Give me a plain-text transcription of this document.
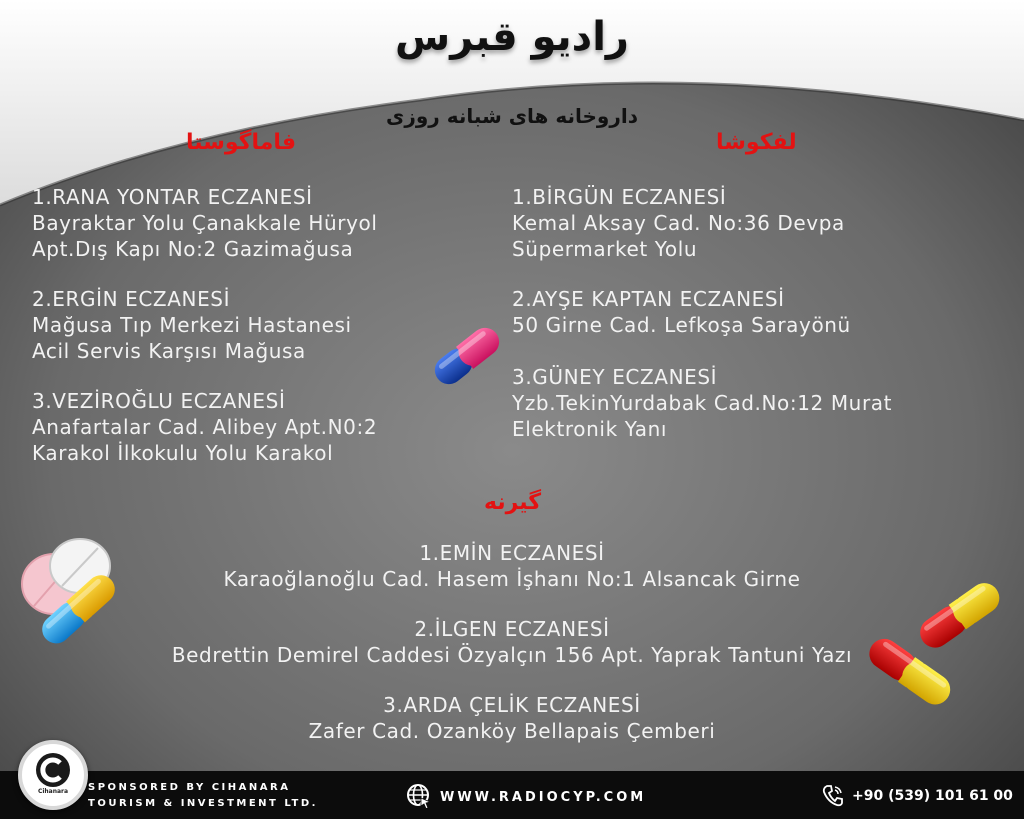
رادیو قبرس
داروخانه های شبانه روزی
فاماگوستا	لفکوشا
گیرنه
1.RANA YONTAR ECZANESİ
Bayraktar Yolu Çanakkale Hüryol
Apt.Dış Kapı No:2 Gazimağusa
2.ERGİN ECZANESİ
Mağusa Tıp Merkezi Hastanesi
Acil Servis Karşısı Mağusa
3.VEZİROĞLU ECZANESİ
Anafartalar Cad. Alibey Apt.N0:2
Karakol İlkokulu Yolu Karakol
1.BİRGÜN ECZANESİ
Kemal Aksay Cad. No:36 Devpa
Süpermarket Yolu
2.AYŞE KAPTAN ECZANESİ
50 Girne Cad. Lefkoşa Sarayönü
3.GÜNEY ECZANESİ
Yzb.TekinYurdabak Cad.No:12 Murat
Elektronik Yanı
1.EMİN ECZANESİ
Karaoğlanoğlu Cad. Hasem İşhanı No:1 Alsancak Girne
2.İLGEN ECZANESİ
Bedrettin Demirel Caddesi Özyalçın 156 Apt. Yaprak Tantuni Yazı
3.ARDA ÇELİK ECZANESİ
Zafer Cad. Ozanköy Bellapais Çemberi
Cihanara	SPONSORED BY CIHANARA
TOURISM & INVESTMENT LTD.	WWW.RADIOCYP.COM	+90 (539) 101 61 00
